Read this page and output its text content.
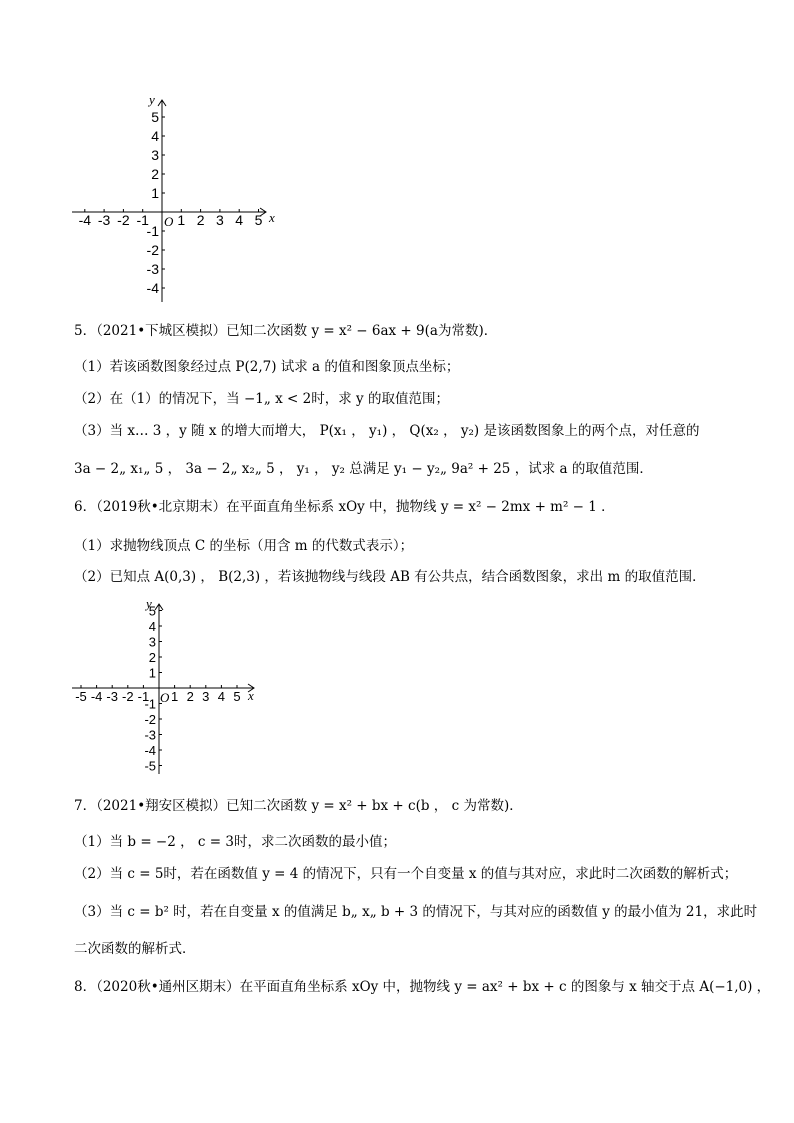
-4 -3 -2 -1 1 2 3 4 5
5
4
3
2
1
-1
-2
-3
-4
y
x
O
5．（2021•下城区模拟）已知二次函数 y = x² − 6ax + 9(a为常数)．
（1）若该函数图象经过点 P(2,7) 试求 a 的值和图象顶点坐标；
（2）在（1）的情况下，当 −1„ x < 2时，求 y 的取值范围；
（3）当 x… 3 ，y 随 x 的增大而增大， P(x₁ ， y₁) ， Q(x₂ ， y₂) 是该函数图象上的两个点，对任意的
3a − 2„ x₁„ 5 ， 3a − 2„ x₂„ 5 ， y₁ ， y₂ 总满足 y₁ − y₂„ 9a² + 25 ，试求 a 的取值范围．
6．（2019秋•北京期末）在平面直角坐标系 xOy 中，抛物线 y = x² − 2mx + m² − 1 ．
（1）求抛物线顶点 C 的坐标（用含 m 的代数式表示）；
（2）已知点 A(0,3) ， B(2,3) ，若该抛物线与线段 AB 有公共点，结合函数图象，求出 m 的取值范围．
-5 -4 -3 -2 -1 1 2 3 4 5
5
4
3
2
1
-1
-2
-3
-4
-5
y
x
O
7．（2021•翔安区模拟）已知二次函数 y = x² + bx + c(b ， c 为常数)．
（1）当 b = −2 ， c = 3时，求二次函数的最小值；
（2）当 c = 5时，若在函数值 y = 4 的情况下，只有一个自变量 x 的值与其对应，求此时二次函数的解析式；
（3）当 c = b² 时，若在自变量 x 的值满足 b„ x„ b + 3 的情况下，与其对应的函数值 y 的最小值为 21，求此时
二次函数的解析式．
8．（2020秋•通州区期末）在平面直角坐标系 xOy 中，抛物线 y = ax² + bx + c 的图象与 x 轴交于点 A(−1,0) ，
